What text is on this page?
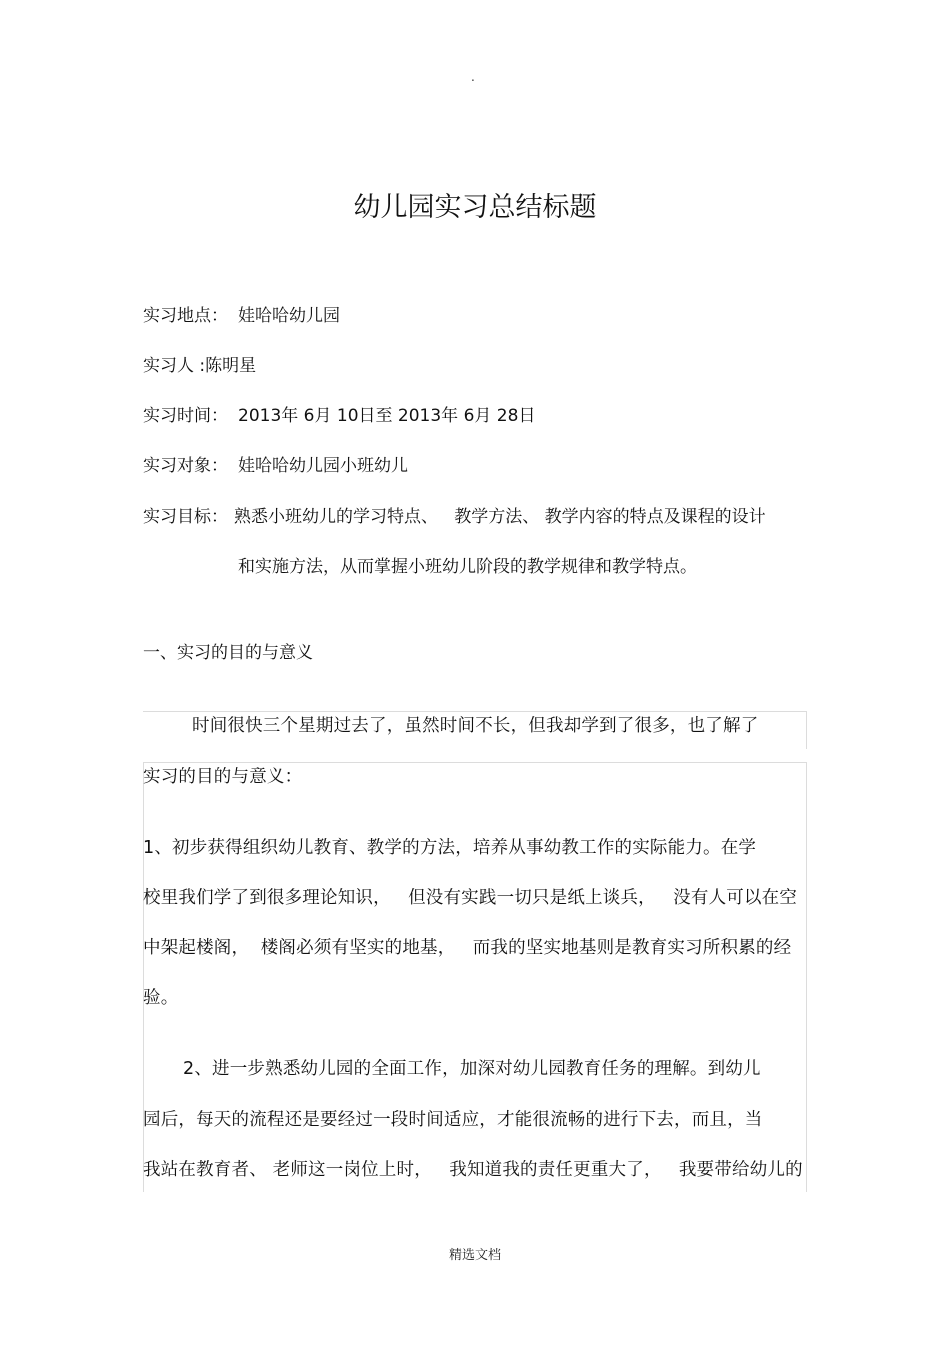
.
幼儿园实习总结标题
实习地点： 娃哈哈幼儿园
实习人 :陈明星
实习时间： 2013年 6月 10日至 2013年 6月 28日
实习对象： 娃哈哈幼儿园小班幼儿
实习目标： 熟悉小班幼儿的学习特点、   教学方法、 教学内容的特点及课程的设计
和实施方法，从而掌握小班幼儿阶段的教学规律和教学特点。
一、实习的目的与意义
时间很快三个星期过去了，虽然时间不长，但我却学到了很多，也了解了
实习的目的与意义：
1、初步获得组织幼儿教育、教学的方法，培养从事幼教工作的实际能力。在学
校里我们学了到很多理论知识，   但没有实践一切只是纸上谈兵，   没有人可以在空
中架起楼阁，  楼阁必须有坚实的地基，   而我的坚实地基则是教育实习所积累的经
验。
2、进一步熟悉幼儿园的全面工作，加深对幼儿园教育任务的理解。到幼儿
园后，每天的流程还是要经过一段时间适应，才能很流畅的进行下去，而且，当
我站在教育者、 老师这一岗位上时，   我知道我的责任更重大了，   我要带给幼儿的
精选文档
